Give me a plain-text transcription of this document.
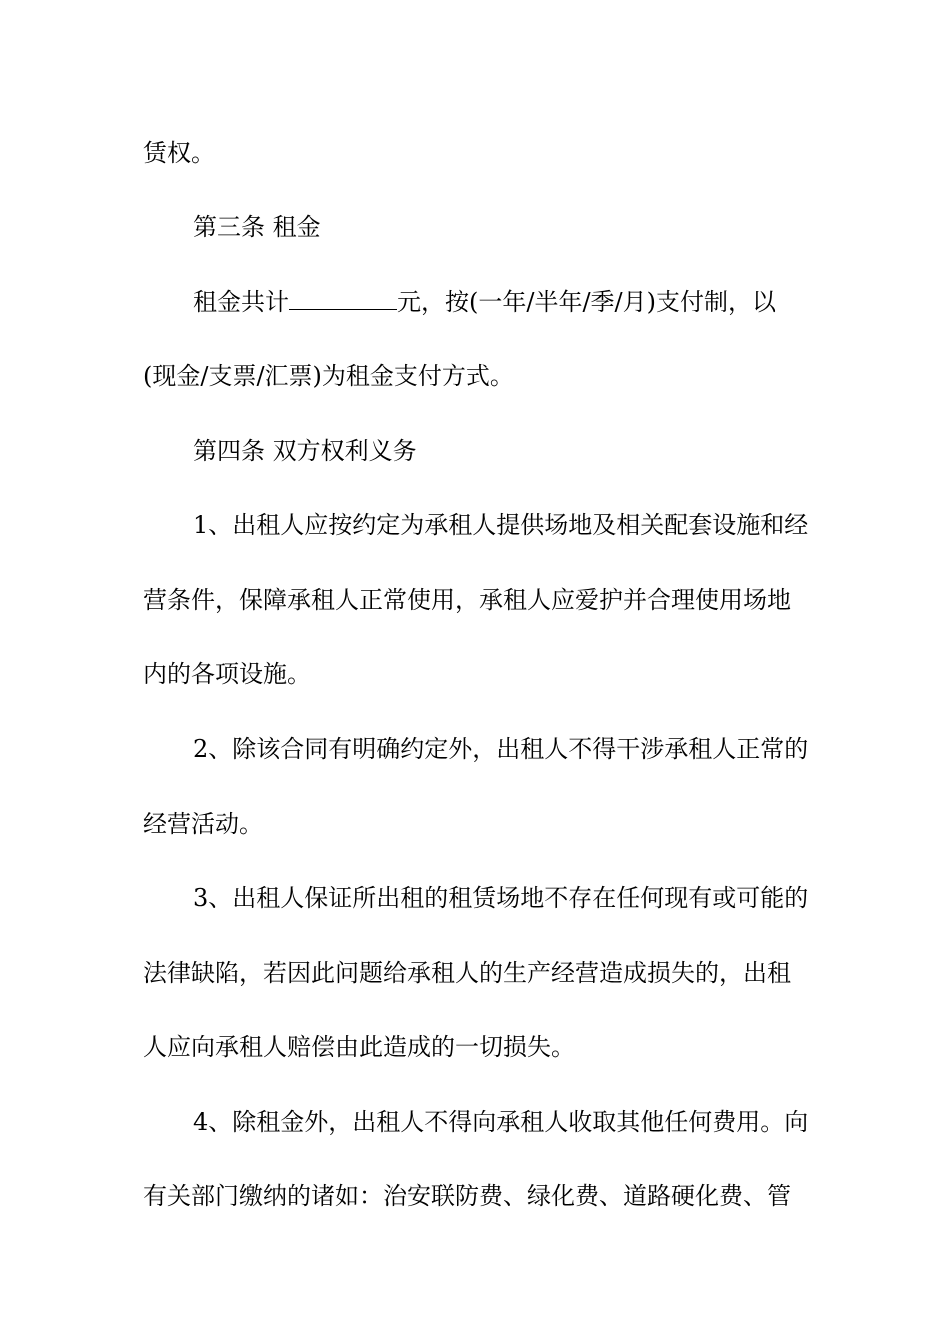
赁权。
第三条 租金
租金共计	元，按(一年/半年/季/月)支付制，以
(现金/支票/汇票)为租金支付方式。
第四条 双方权利义务
1、出租人应按约定为承租人提供场地及相关配套设施和经
营条件，保障承租人正常使用，承租人应爱护并合理使用场地
内的各项设施。
2、除该合同有明确约定外，出租人不得干涉承租人正常的
经营活动。
3、出租人保证所出租的租赁场地不存在任何现有或可能的
法律缺陷，若因此问题给承租人的生产经营造成损失的，出租
人应向承租人赔偿由此造成的一切损失。
4、除租金外，出租人不得向承租人收取其他任何费用。向
有关部门缴纳的诸如：治安联防费、绿化费、道路硬化费、管
